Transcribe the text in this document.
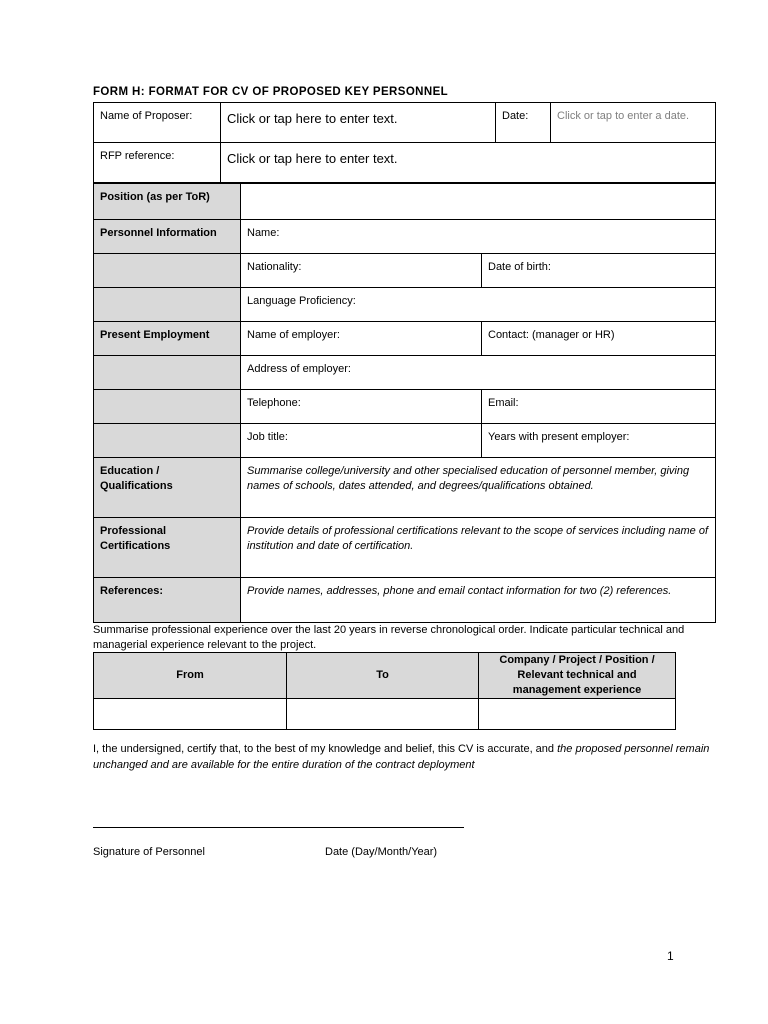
FORM H: FORMAT FOR CV OF PROPOSED KEY PERSONNEL
Name of Proposer:	Click or tap here to enter text.	Date:	Click or tap to enter a date.
RFP reference:	Click or tap here to enter text.		
Position (as per ToR)		
Personnel Information	Name:	
	Nationality:	Date of birth:
	Language Proficiency:	
Present Employment	Name of employer:	Contact: (manager or HR)
	Address of employer:	
	Telephone:	Email:
	Job title:	Years with present employer:
Education / Qualifications	Summarise college/university and other specialised education of personnel member, giving names of schools, dates attended, and degrees/qualifications obtained.	
Professional Certifications	Provide details of professional certifications relevant to the scope of services including name of institution and date of certification.	
References:	Provide names, addresses, phone and email contact information for two (2) references.	
Summarise professional experience over the last 20 years in reverse chronological order. Indicate particular technical and managerial experience relevant to the project.
From	To	Company / Project / Position / Relevant technical and management experience

I, the undersigned, certify that, to the best of my knowledge and belief, this CV is accurate, and the proposed personnel remain unchanged and are available for the entire duration of the contract deployment
Signature of Personnel	Date (Day/Month/Year)
1
